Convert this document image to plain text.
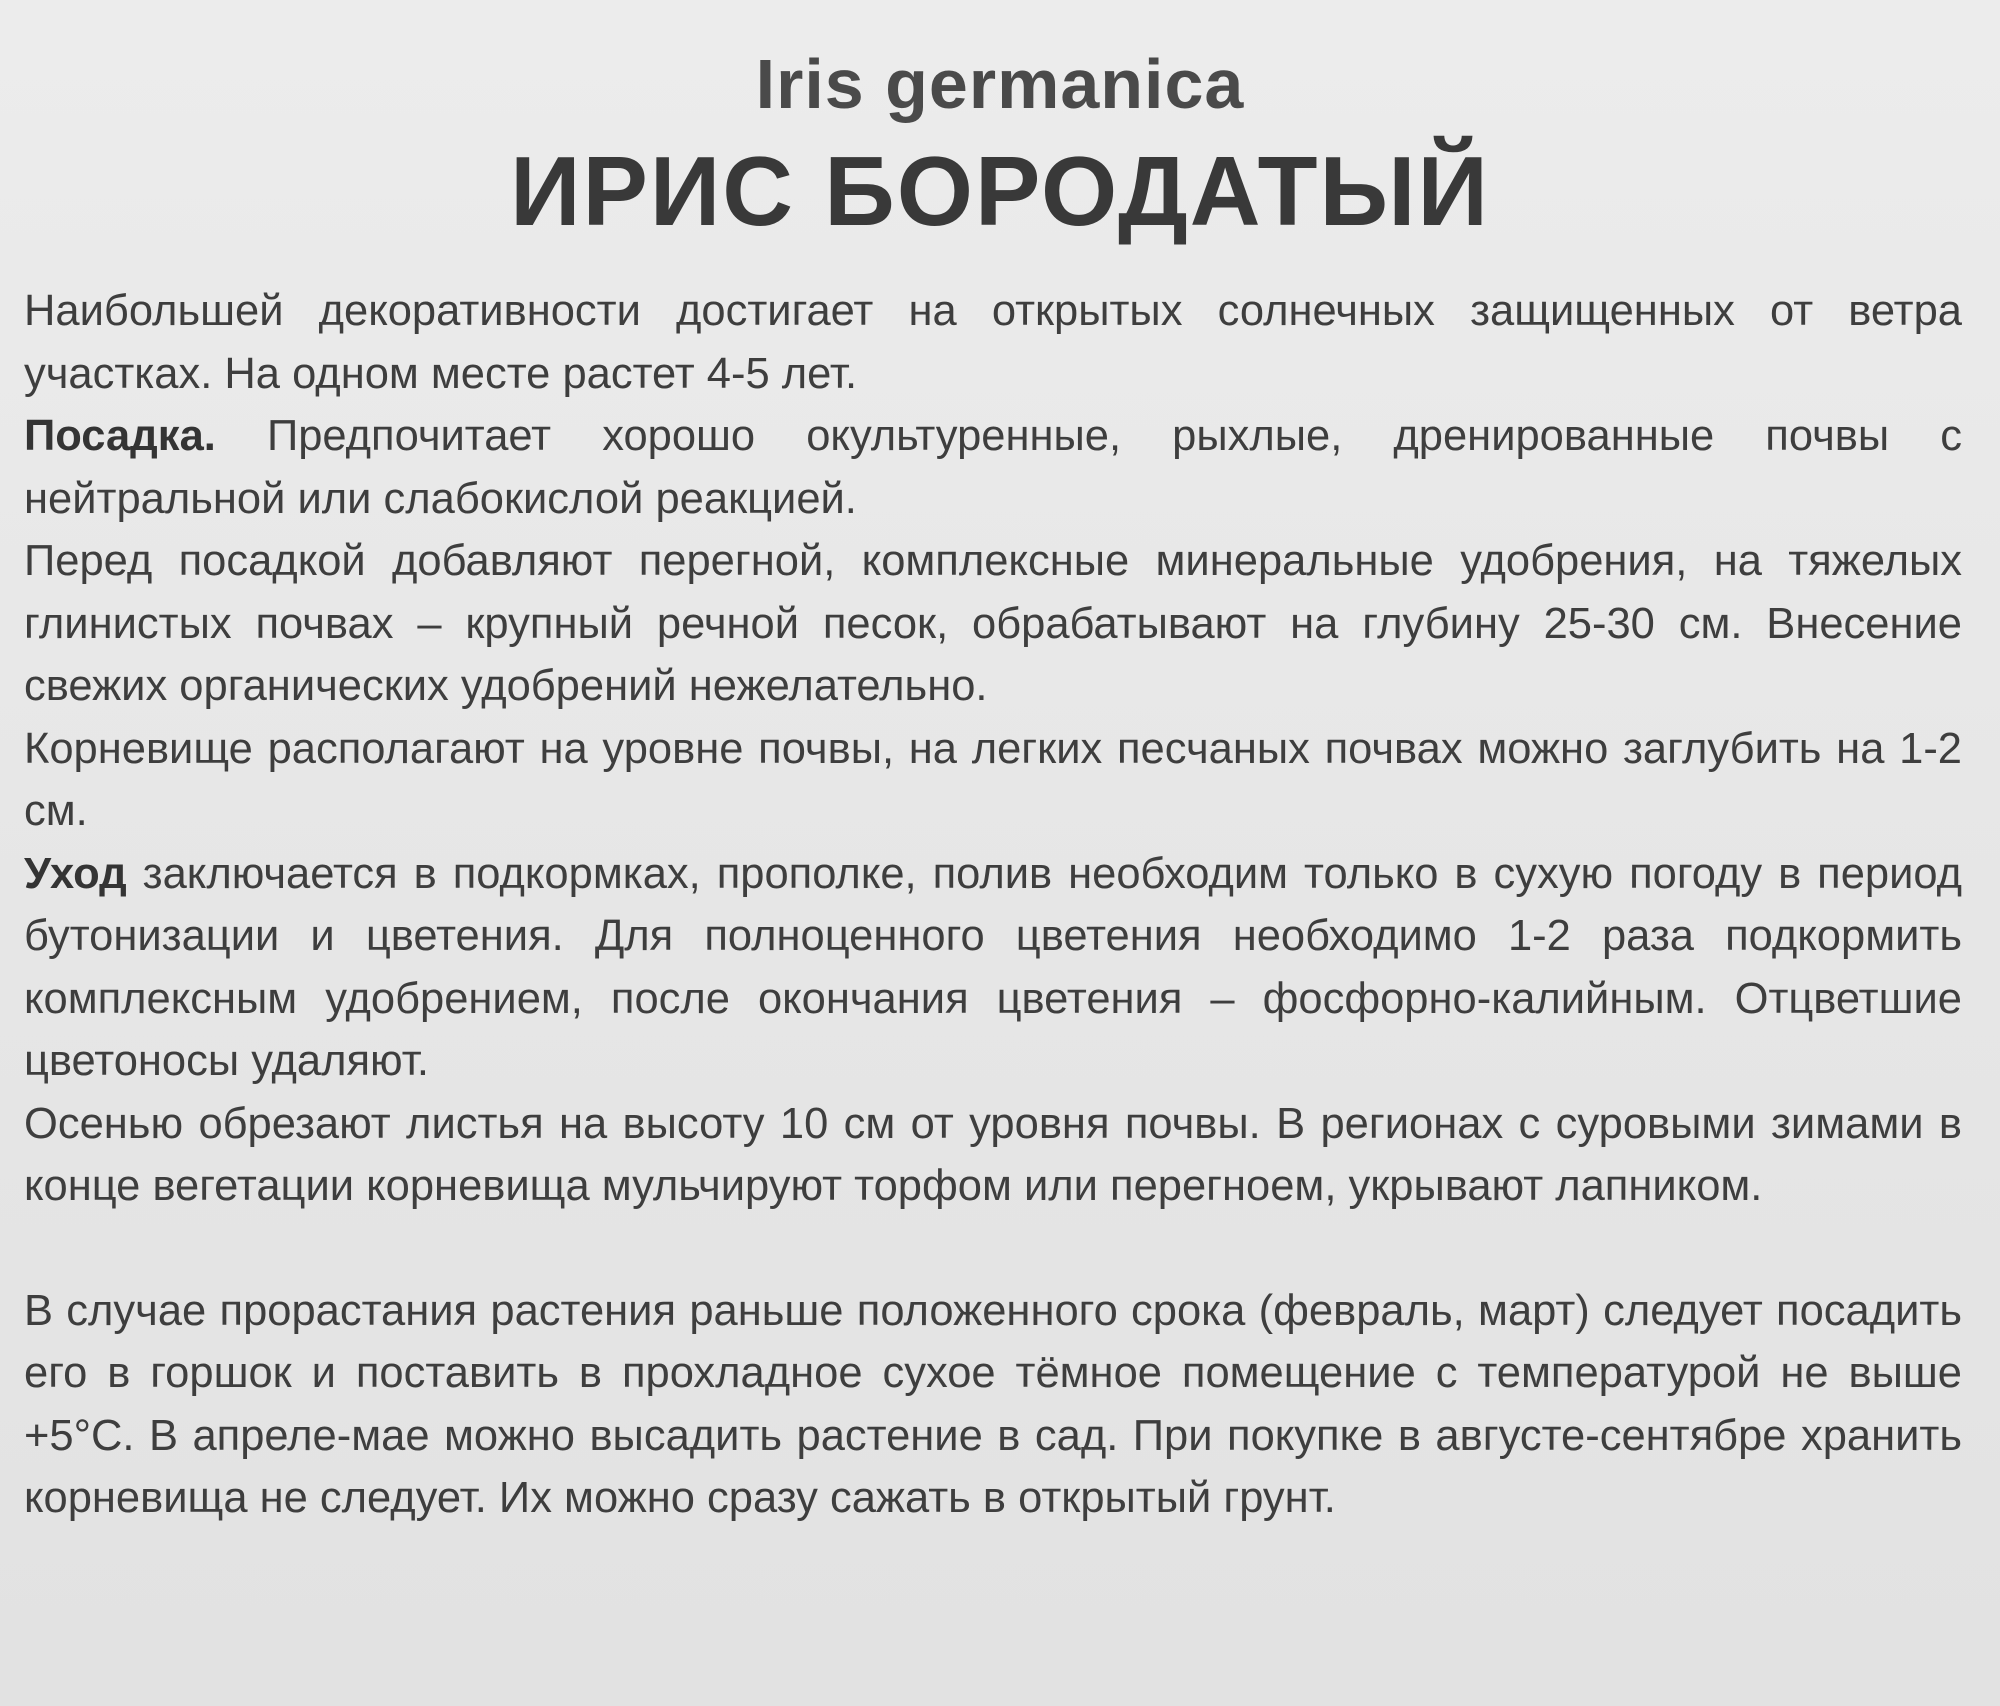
Iris germanica
ИРИС БОРОДАТЫЙ

Наибольшей декоративности достигает на открытых солнечных защищенных от ветра участках. На одном месте растет 4-5 лет.

Посадка. Предпочитает хорошо окультуренные, рыхлые, дренированные почвы с нейтральной или слабокислой реакцией.

Перед посадкой добавляют перегной, комплексные минеральные удобрения, на тяжелых глинистых почвах – крупный речной песок, обрабатывают на глубину 25-30 см. Внесение свежих органических удобрений нежелательно.

Корневище располагают на уровне почвы, на легких песчаных почвах можно заглубить на 1-2 см.

Уход заключается в подкормках, прополке, полив необходим только в сухую погоду в период бутонизации и цветения. Для полноценного цветения необходимо 1-2 раза подкормить комплексным удобрением, после окончания цветения – фосфорно-калийным. Отцветшие цветоносы удаляют.

Осенью обрезают листья на высоту 10 см от уровня почвы. В регионах с суровыми зимами в конце вегетации корневища мульчируют торфом или перегноем, укрывают лапником.

В случае прорастания растения раньше положенного срока (февраль, март) следует посадить его в горшок и поставить в прохладное сухое тёмное помещение с температурой не выше +5°С. В апреле-мае можно высадить растение в сад. При покупке в августе-сентябре хранить корневища не следует. Их можно сразу сажать в открытый грунт.
